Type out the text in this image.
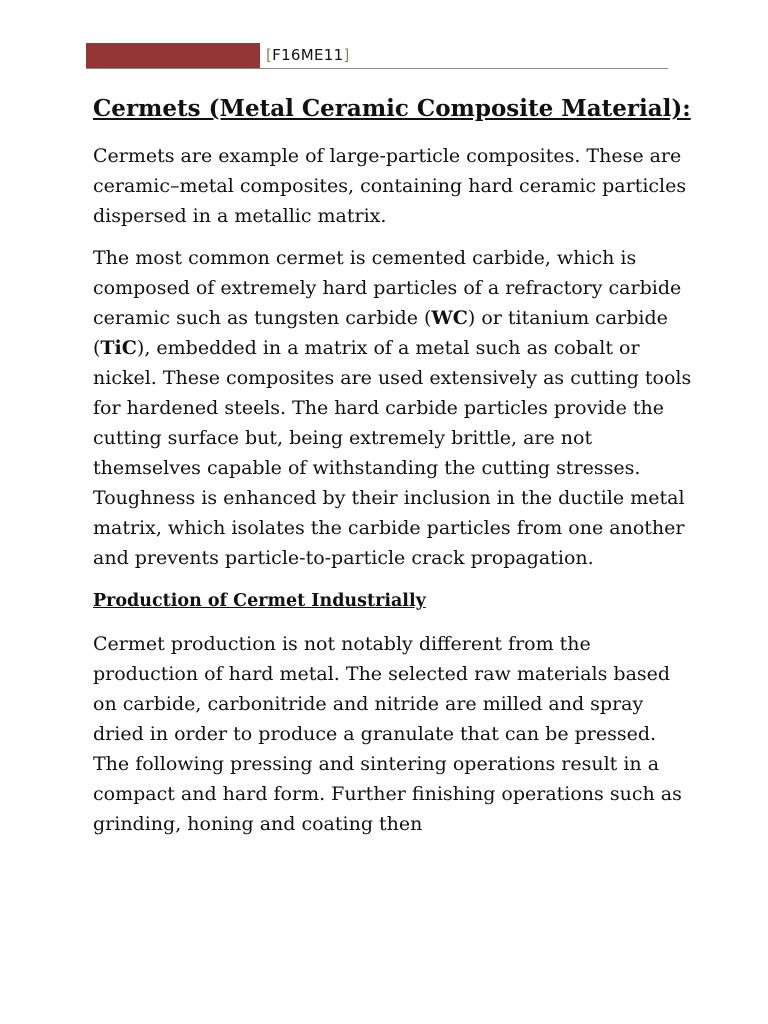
[F16ME11]
Cermets (Metal Ceramic Composite Material):

Cermets are example of large-particle composites. These are ceramic–metal composites, containing hard ceramic particles dispersed in a metallic matrix.

The most common cermet is cemented carbide, which is composed of extremely hard particles of a refractory carbide ceramic such as tungsten carbide (WC) or titanium carbide (TiC), embedded in a matrix of a metal such as cobalt or nickel. These composites are used extensively as cutting tools for hardened steels. The hard carbide particles provide the cutting surface but, being extremely brittle, are not themselves capable of withstanding the cutting stresses. Toughness is enhanced by their inclusion in the ductile metal matrix, which isolates the carbide particles from one another and prevents particle-to-particle crack propagation.

Production of Cermet Industrially

Cermet production is not notably different from the production of hard metal. The selected raw materials based on carbide, carbonitride and nitride are milled and spray dried in order to produce a granulate that can be pressed. The following pressing and sintering operations result in a compact and hard form. Further finishing operations such as grinding, honing and coating then
